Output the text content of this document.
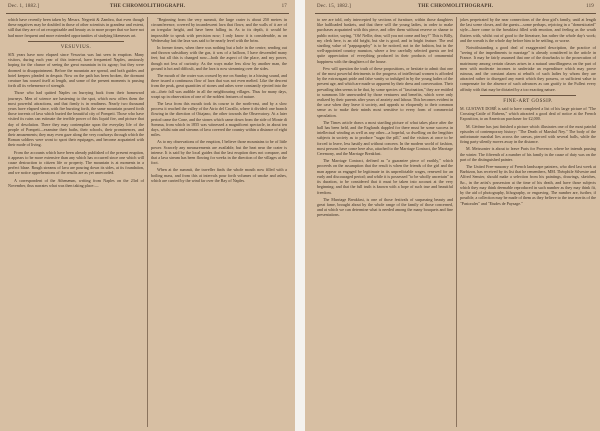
Dec. 1, 1882.]	THE CHROMOLITHOGRAPH.	17

which have recently been taken by Messrs. Negretti & Zambra, that even though these negatives may be doubled in those of other scientists in grandeur and extent, still that they are of art recognizable and beauty as to more proper that we have not had more frequent and more extended opportunities of studying likenesses art.

VESUVIUS.

SIX years have now elapsed since Vesuvius was last seen in eruption. Many visitors, during each year of this interval, have frequented Naples, anxiously hoping for the chance of seeing the great mountain in its agony; but they were doomed to disappointment. Before the mountain are spread, and both guides and hotel keepers pleaded in despair. Now on the path has been broken, the dormant creature has roused itself at length, and some of the present moments is passing forth all its vehemence of strength.

Those who had quitted Naples on hurrying back from their homeward journeys. Men of science are hastening to the spot, which now offers them the most powerful attractions, and that firmly is in readiness. Nearly two thousand years have elapsed since, with fire bursting forth, the same mountain poured forth those torrents of lava which buried the beautiful city of Pompeii. Those who have visited its ruins can estimate the terrible power of this liquid fire, and picture that day of desolation. There they may contemplate upon the everyday life of the people of Pompeii—examine their baths, their schools, their prominences, and their amusements; they may even gaze along the very roadways through which the Roman soldiers were wont to sport their equipages, and become acquainted with their mode of living.

From the accounts which have been already published of the present eruption, it appears to be more extensive than any which has occurred since one which will cause destruction to citizen life or property. The mountain is at moments in a perfect blaze. Rough streams of lava are pouring down its sides, at its foundation, and we notice apprehensions of the results are as yet unrecorded.

A correspondent of the Athenæum, writing from Naples on the 23rd of November, thus narrates what was then taking place:—

"Beginning from the very summit, the large crater is about 250 metres in circumference, covered by incandescent lava that flows; and the walls of it are of an irregular height, and have been falling in. As to its depth, it would be impossible to speak with precision now; I only know it is considerable, as on Wednesday last the lava was said to be nearly level with the brim.

In former times, when there was nothing but a hole in the centre, sending out and thrown subsidiary with the gas, it was of a balloon, I have descended many feet; but all this is changed now—both the aspect of the place, and my power, though not less of curiosity. As the ways make less slow by another man, the ground is hot and difficult, and the lava is now streaming over the sides.

The mouth of the crater was crossed by me on Sunday; in a hissing sound, and there issued a continuous flow of lava that was not even melted. Like the descent from the peak, great quantities of stones and ashes were constantly ejected into the air—their fall was audible in all the neighbouring villages. Thus for many days, wrapt up in observation of one of the noblest features of nature.

The lava from this mouth took its course to the north-east, and by a slow process it reached the valley of the Atrio del Cavallo, where it divided: one branch flowing in the direction of Ottajano, the other towards the Observatory. At a later period came the Cone, and the stones which came down from the side of Monte di Somma, from which in 1855 was witnessed a magnificent spectacle, in about ten days, whilst rain and streams of lava covered the country within a distance of eight miles.

As to my observations of the eruption, I believe those mountains to be of little power. Scarcely any measurements are available, but the heat near the crater is intense. It is said by the local guides that the last eruption does not compare, and that a lava stream has been flowing for weeks in the direction of the villages at the foot.

When at the summit, the traveller finds the whole mouth now filled with a boiling mass, and from this at intervals pour forth volumes of smoke and ashes, which are carried by the wind far over the Bay of Naples.

Dec. 15, 1882.]	THE CHROMOLITHOGRAPH.	119

to see are told, only intercepted by sections of furniture, within those daughters like halfloaded baskets, and that there will the young ladies, in order to make purchases acquainted with this piece, and offer them without reserve or shame to public notice, saying, "Oh! Nellie, dear, will you not come and buy?" This is Billy, my clerk here, is an old bright, but she is good, and in bright feature. The real startling value of "pappagraphy" is to be noticed, not in the fashion, but in the well-appointed country mansion, where a few carefully selected guests are fed quite appreciation of everything produced in their products of ornamental happiness with the daughters of the house.

Few will question the truth of these propositions, or hesitate to admit that one of the most powerful detriments to the progress of intellectual women is afforded by the extravagant pride and false vanity so indulged in by the young ladies of the present age, and which are made so apparent by their dress and conversation. Their prevailing idea seems to be that, by some species of "fascination," they are entitled to summons life unrewarded by those venturers and benefits, which were only realized by their parents after years of anxiety and labour. This becomes evident in the case when they leave it society, and appeals so eloquently to their common sense as to make their minds most sensitive to every form of commercial speculation.

The Times article draws a most startling picture of what takes place after the ball has been held, and the Englands dappled for there must be some success in intellectual winding as well as any other—a hopeful, so dwelling on the lengthier subjects in society as to produce "sugar the pill," and the visitors at once to be forced to leave, less hastily and without concern. In the modern world of fashion, most persons have come here also, attached to the Marriage Contract, the Marriage Ceremony, and the Marriage Breakfast.

The Marriage Contract, defined as "a guarantee piece of earthly," which proceeds on the assumption that the result is when the friends of the girl and the man appear as engaged be legitimate in its unpredictable wages, renewed for an early and discouraged period; and while it is possessed "to be wholly uncertain" in its duration, to be considered that it must be taken into account at the very beginning; and that the full truth is known with a hope of such true and beautiful freedom.

The Marriage Breakfast, is one of those festivals of surpassing beauty and great fame, brought about by the whole range of the family of those concerned, and at which we can determine what is needed among the many bouquets and fine presentations.

jokes perpetrated by the near connections of the dear girl's family, until at length the last scene closes, and the guests—some perhaps, rejoicing in a "domesticated" style—have come to the breakfast filled with emotion, and feeling as the wrath flutters with, whilst out of good to the literature, has rather the whole day's work; and the wreath is the whole day before him to be settling, or worse.

Notwithstanding a good deal of exaggerated description, the practice of "seeing of the impediments to marriage" is already considered in the article in France. It may be fairly assumed that one of the drawbacks to the prosecution of matrimony among certain classes arises in a natural unwillingness on the part of men with moderate incomes to undertake an expenditure which may prove ruinous, and the constant alarm at rebuffs of such ladies by whom they are attracted rather to disregard any merit which they possess, or sufficient value to compensate for the absence of such advances as can gratify to the Fullest every affinity with that may be dictated by a too exacting nature.

FINE-ART GOSSIP.

M. GUSTAVE DORÉ is said to have completed a list of his large picture of "The Crossing-Cattle of Rubens," which attracted a good deal of notice at the French Exposition, to an American purchaser for £2,000.

M. Gérôme has just finished a picture which illustrates one of the most painful episodes of contemporary history: "The Death of Marshal Ney." The body of the unfortunate marshal lies across the canvas, pierced with several balls, while the firing party silently moves away in the distance.

M. Meissonier is about to leave Paris for Provence, where he intends passing the winter. The fifteenth of a number of his family in the cause of duty was on the part of the distinguished painter.

The United Free-masonry of French landscape painters, who died last week at Barbizon, has received by its list that he remembers, MM. Théophile Silvestre and Alfred Sensier, should make a selection from his paintings, drawings, sketches, &c., in the artist's possession at the time of his death, and have those subjects which they may think deemable reproduced in such number as they may think fit, by the aid of photography, lithography, or engraving. The number are, further, if possible, a collection may be made of them as they believe to the true merits of the "Pastorales" and "Etudes de Paysage."
